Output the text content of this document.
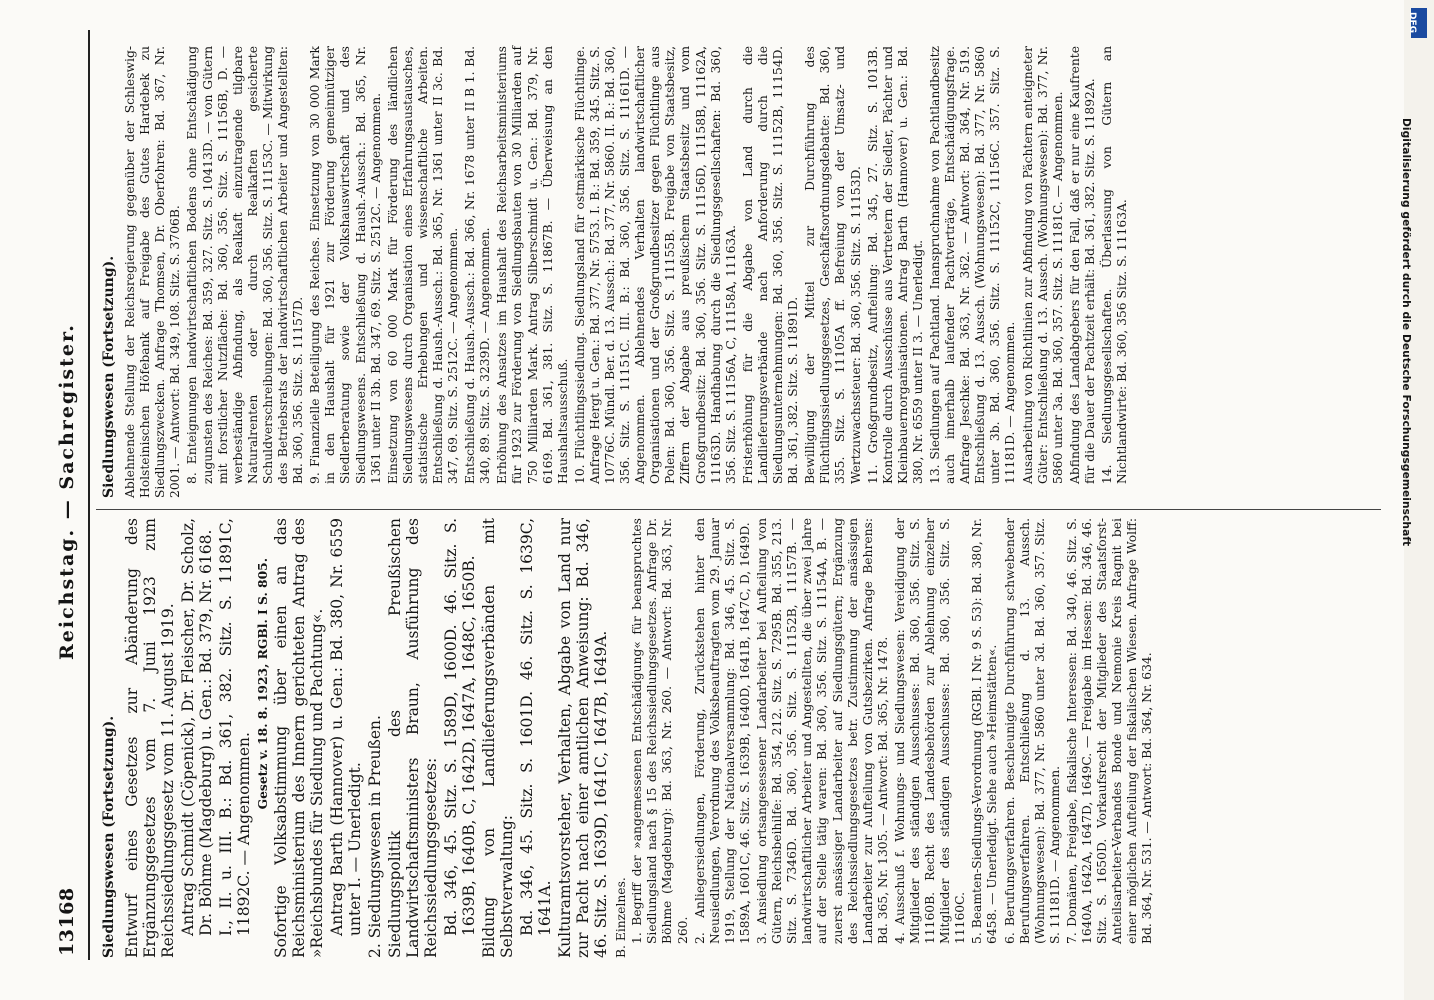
13168
Reichstag. — Sachregister.
Siedlungswesen (Fortsetzung). Entwurf eines Gesetzes zur Abänderung des Ergänzungsgesetzes vom 7. Juni 1923 zum Reichssiedlungsgesetz vom 11. August 1919. Antrag Schmidt (Cöpenick), Dr. Fleischer, Dr. Scholz, Dr. Böhme (Magdeburg) u. Gen.: Bd. 379, Nr. 6168. I., II. u. III. B.: Bd. 361, 382. Sitz. S. 11891C, 11892C. — Angenommen.
Gesetz v. 18. 8. 1923, RGBl. I S. 805. Sofortige Volksabstimmung über einen an das Reichsministerium des Innern gerichteten Antrag des »Reichsbundes für Siedlung und Pachtung«. Antrag Barth (Hannover) u. Gen.: Bd. 380, Nr. 6559 unter I. — Unerledigt. 2. Siedlungswesen in Preußen. Siedlungspolitik des Preußischen Landwirtschaftsministers Braun, Ausführung des Reichssiedlungsgesetzes: Bd. 346, 45. Sitz. S. 1589D, 1600D. 46. Sitz. S. 1639B, 1640B, C, 1642D, 1647A, 1648C, 1650B. Bildung von Landlieferungsverbänden mit Selbstverwaltung: Bd. 346, 45. Sitz. S. 1601D. 46. Sitz. S. 1639C, 1641A. Kulturamtsvorsteher, Verhalten, Abgabe von Land nur zur Pacht nach einer amtlichen Anweisung: Bd. 346, 46. Sitz. S. 1639D, 1641C, 1647B, 1649A. B. Einzelnes. 1. Begriff der »angemessenen Entschädigung« für beanspruchtes Siedlungsland nach § 15 des Reichssiedlungsgesetzes. Anfrage Dr. Böhme (Magdeburg): Bd. 363, Nr. 260. — Antwort: Bd. 363, Nr. 260. 2. Anliegersiedlungen, Förderung, Zurückstehen hinter den Neusiedlungen, Verordnung des Volksbeauftragten vom 29. Januar 1919, Stellung der Nationalversammlung: Bd. 346, 45. Sitz. S. 1589A, 1601C, 46. Sitz. S. 1639B, 1640D, 1641B, 1647C, D, 1649D. 3. Ansiedlung ortsangesessener Landarbeiter bei Aufteilung von Gütern, Reichsbeihilfe: Bd. 354, 212. Sitz. S. 7295B. Bd. 355, 213. Sitz. S. 7346D. Bd. 360, 356. Sitz. S. 11152B, 11157B. — landwirtschaftlicher Arbeiter und Angestellten, die über zwei Jahre auf der Stelle tätig waren: Bd. 360, 356. Sitz. S. 11154A, B. — zuerst ansässiger Landarbeiter auf Siedlungsgütern; Ergänzung des Reichssiedlungsgesetzes betr. Zustimmung der ansässigen Landarbeiter zur Aufteilung von Gutsbezirken. Anfrage Behrens: Bd. 365, Nr. 1305. — Antwort: Bd. 365, Nr. 1478. 4. Ausschuß f. Wohnungs- und Siedlungswesen: Vereidigung der Mitglieder des ständigen Ausschusses: Bd. 360, 356. Sitz. S. 11160B. Recht des Landesbehörden zur Ablehnung einzelner Mitglieder des ständigen Ausschusses: Bd. 360, 356. Sitz. S. 11160C. 5. Beamten-Siedlungs-Verordnung (RGBl. I Nr. 9 S. 53): Bd. 380, Nr. 6458. — Unerledigt. Siehe auch »Heimstätten«. 6. Berufungsverfahren. Beschleunigte Durchführung schwebender Berufungsverfahren. Entschließung d. 13. Aussch. (Wohnungswesen): Bd. 377, Nr. 5860 unter 3d. Bd. 360, 357. Sitz. S. 11181D. — Angenommen. 7. Domänen, Freigabe, fiskalische Interessen: Bd. 340, 46. Sitz. S. 1640A, 1642A, 1647D, 1649C. — Freigabe im Hessen: Bd. 346, 46. Sitz. S. 1650D. Vorkaufsrecht der Mitglieder des Staatsforst-Anteilsarbeiter-Verbandes Bonde und Nemonie Kreis Ragnit bei einer möglichen Aufteilung der fiskalischen Wiesen. Anfrage Wolff: Bd. 364, Nr. 531. — Antwort: Bd. 364, Nr. 634.
Siedlungswesen (Fortsetzung). Ablehnende Stellung der Reichsregierung gegenüber der Schleswig-Holsteinischen Höfebank auf Freigabe des Gutes Hardebek zu Siedlungszwecken. Anfrage Thomsen, Dr. Oberfohren: Bd. 367, Nr. 2001. — Antwort: Bd. 349, 108. Sitz. S. 3706B. 8. Enteignungen landwirtschaftlichen Bodens ohne Entschädigung zugunsten des Reiches: Bd. 359, 327. Sitz. S. 10413D. — von Gütern mit forstlicher Nutzfläche: Bd. 360, 356. Sitz. S. 11156B, D. — werbeständige Abfindung, als Realkaft einzutragende tilgbare Naturalrenten oder durch Realkaften gesicherte Schuldverschreibungen: Bd. 360, 356. Sitz. S. 11153C. — Mitwirkung des Betriebsrats der landwirtschaftlichen Arbeiter und Angestellten: Bd. 360, 356. Sitz. S. 11157D. 9. Finanzielle Beteiligung des Reiches. Einsetzung von 30 000 Mark in den Haushalt für 1921 zur Förderung gemeinnütziger Siedlerberatung sowie der Volkshauswirtschaft und des Siedlungswesens. Entschließung d. Haush.-Aussch.: Bd. 365, Nr. 1361 unter II 3b. Bd. 347, 69. Sitz. S. 2512C. — Angenommen. Einsetzung von 60 000 Mark für Förderung des ländlichen Siedlungswesens durch Organisation eines Erfahrungsaustausches, statistische Erhebungen und wissenschaftliche Arbeiten. Entschließung d. Haush.-Aussch.: Bd. 365, Nr. 1361 unter II 3c. Bd. 347, 69. Sitz. S. 2512C. — Angenommen. Entschließung d. Haush.-Aussch.: Bd. 366, Nr. 1678 unter II B 1. Bd. 340, 89. Sitz. S. 3239D. — Angenommen. Erhöhung des Ansatzes im Haushalt des Reichsarbeitsministeriums für 1923 zur Förderung von Siedlungsbauten von 30 Milliarden auf 750 Milliarden Mark. Antrag Silberschmidt u. Gen.: Bd. 379, Nr. 6169. Bd. 361, 381. Sitz. S. 11867B. — Überweisung an den Haushaltsausschuß. 10. Flüchtlingssiedlung. Siedlungsland für ostmärkische Flüchtlinge. Anfrage Hergt u. Gen.: Bd. 377, Nr. 5753. I. B.: Bd. 359, 345. Sitz. S. 10776C. Mündl. Ber. d. 13. Aussch.: Bd. 377, Nr. 5860. II. B.: Bd. 360, 356. Sitz. S. 11151C. III. B.: Bd. 360, 356. Sitz. S. 11161D. — Angenommen. Ablehnendes Verhalten landwirtschaftlicher Organisationen und der Großgrundbesitzer gegen Flüchtlinge aus Polen: Bd. 360, 356. Sitz. S. 11155B. Freigabe von Staatsbesitz, Ziffern der Abgabe aus preußischem Staatsbesitz und vom Großgrundbesitz: Bd. 360, 356. Sitz. S. 11156D, 11158B, 11162A, 11163D. Handhabung durch die Siedlungsgesellschaften: Bd. 360, 356. Sitz. S. 11156A, C, 11158A, 11163A. Fristerhöhung für die Abgabe von Land durch die Landlieferungsverbände nach Anforderung durch die Siedlungsunternehmungen: Bd. 360, 356. Sitz. S. 11152B, 11154D. Bd. 361, 382. Sitz. S. 11891D. Bewilligung der Mittel zur Durchführung des Flüchtlingssiedlungsgesetzes, Geschäftsordnungsdebatte: Bd. 360, 355. Sitz. S. 11105A ff. Befreiung von der Umsatz- und Wertzuwachssteuer: Bd. 360, 356. Sitz. S. 11153D. 11. Großgrundbesitz, Aufteilung: Bd. 345, 27. Sitz. S. 1013B. Kontrolle durch Ausschüsse aus Vertretern der Siedler, Pächter und Kleinbauernorganisationen. Antrag Barth (Hannover) u. Gen.: Bd. 380, Nr. 6559 unter II 3. — Unerledigt. 13. Siedlungen auf Pachtland. Inanspruchnahme von Pachtlandbesitz auch innerhalb laufender Pachtverträge, Entschädigungsfrage. Anfrage Jeschke: Bd. 363, Nr. 362. — Antwort: Bd. 364, Nr. 519. Entschließung d. 13. Aussch. (Wohnungswesen): Bd. 377, Nr. 5860 unter 3b. Bd. 360, 356. Sitz. S. 11152C, 11156C. 357. Sitz. S. 11181D. — Angenommen. Ausarbeitung von Richtlinien zur Abfindung von Pächtern enteigneter Güter: Entschließung d. 13. Aussch. (Wohnungswesen): Bd. 377, Nr. 5860 unter 3a. Bd. 360, 357. Sitz. S. 11181C. — Angenommen. Abfindung des Landabgebers für den Fall, daß er nur eine Kaufrente für die Dauer der Pachtzeit erhält: Bd. 361, 382. Sitz. S. 11892A. 14. Siedlungsgesellschaften. Überlassung von Gütern an Nichtlandwirte: Bd. 360, 356 Sitz. S. 11163A.
DFG
Digitalisierung gefördert durch die Deutsche Forschungsgemeinschaft
